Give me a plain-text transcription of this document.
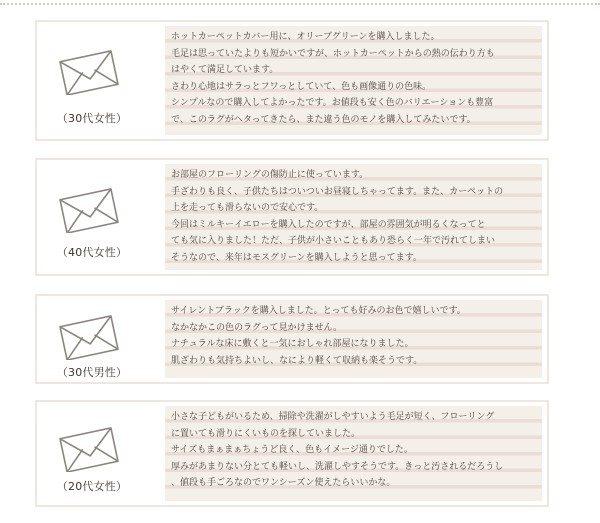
（30代女性）
ホットカーペットカバー用に、オリーブグリーンを購入しました。
毛足は思っていたよりも短かいですが、ホットカーペットからの熱の伝わり方も
はやくて満足しています。
さわり心地はサラっとフワっとしていて、色も画像通りの色味。
シンプルなので購入してよかったです。お値段も安く色のバリエーションも豊富
で、このラグがヘタってきたら、また違う色のモノを購入してみたいです。
（40代女性）
お部屋のフローリングの傷防止に使っています。
手ざわりも良く、子供たちはついついお昼寝しちゃってます。また、カーペットの
上を走っても滑らないので安心です。
今回はミルキーイエローを購入したのですが、部屋の雰囲気が明るくなってと
ても気に入りました！ただ、子供が小さいこともあり恐らく一年で汚れてしまい
そうなので、来年はモスグリーンを購入しようと思ってます。
（30代男性）
サイレントブラックを購入しました。とっても好みのお色で嬉しいです。
なかなかこの色のラグって見かけません。
ナチュラルな床に敷くと一気におしゃれ部屋になりました。
肌ざわりも気持ちよいし、なにより軽くて収納も楽そうです。
（20代女性）
小さな子どもがいるため、掃除や洗濯がしやすいよう毛足が短く、フローリング
に置いても滑りにくいものを探していました。
サイズもまぁまぁちょうど良く、色もイメージ通りでした。
厚みがあまりない分とても軽いし、洗濯しやすそうです。きっと汚されるだろうし
、値段も手ごろなのでワンシーズン使えたらいいかな。
